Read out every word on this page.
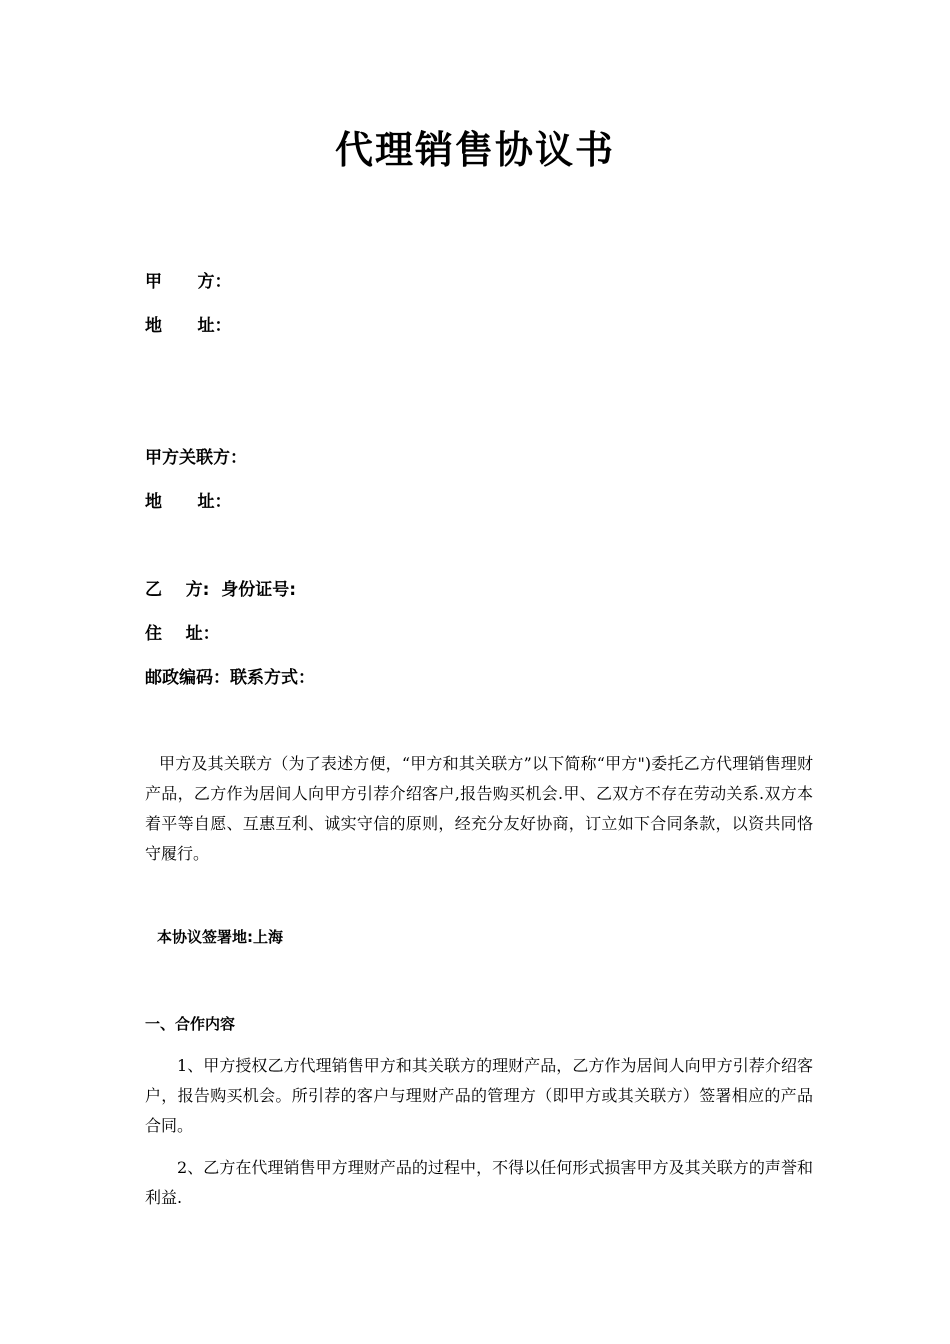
代理销售协议书
甲      方：
地      址：
甲方关联方：
地      址：
乙    方:  身份证号:
住    址：
邮政编码：联系方式：
甲方及其关联方（为了表述方便，“甲方和其关联方”以下简称“甲方")委托乙方代理销售理财产品，乙方作为居间人向甲方引荐介绍客户,报告购买机会.甲、乙双方不存在劳动关系.双方本着平等自愿、互惠互利、诚实守信的原则，经充分友好协商，订立如下合同条款，以资共同恪守履行。
本协议签署地:上海
一、合作内容
1、甲方授权乙方代理销售甲方和其关联方的理财产品，乙方作为居间人向甲方引荐介绍客户，报告购买机会。所引荐的客户与理财产品的管理方（即甲方或其关联方）签署相应的产品合同。
2、乙方在代理销售甲方理财产品的过程中，不得以任何形式损害甲方及其关联方的声誉和利益.
